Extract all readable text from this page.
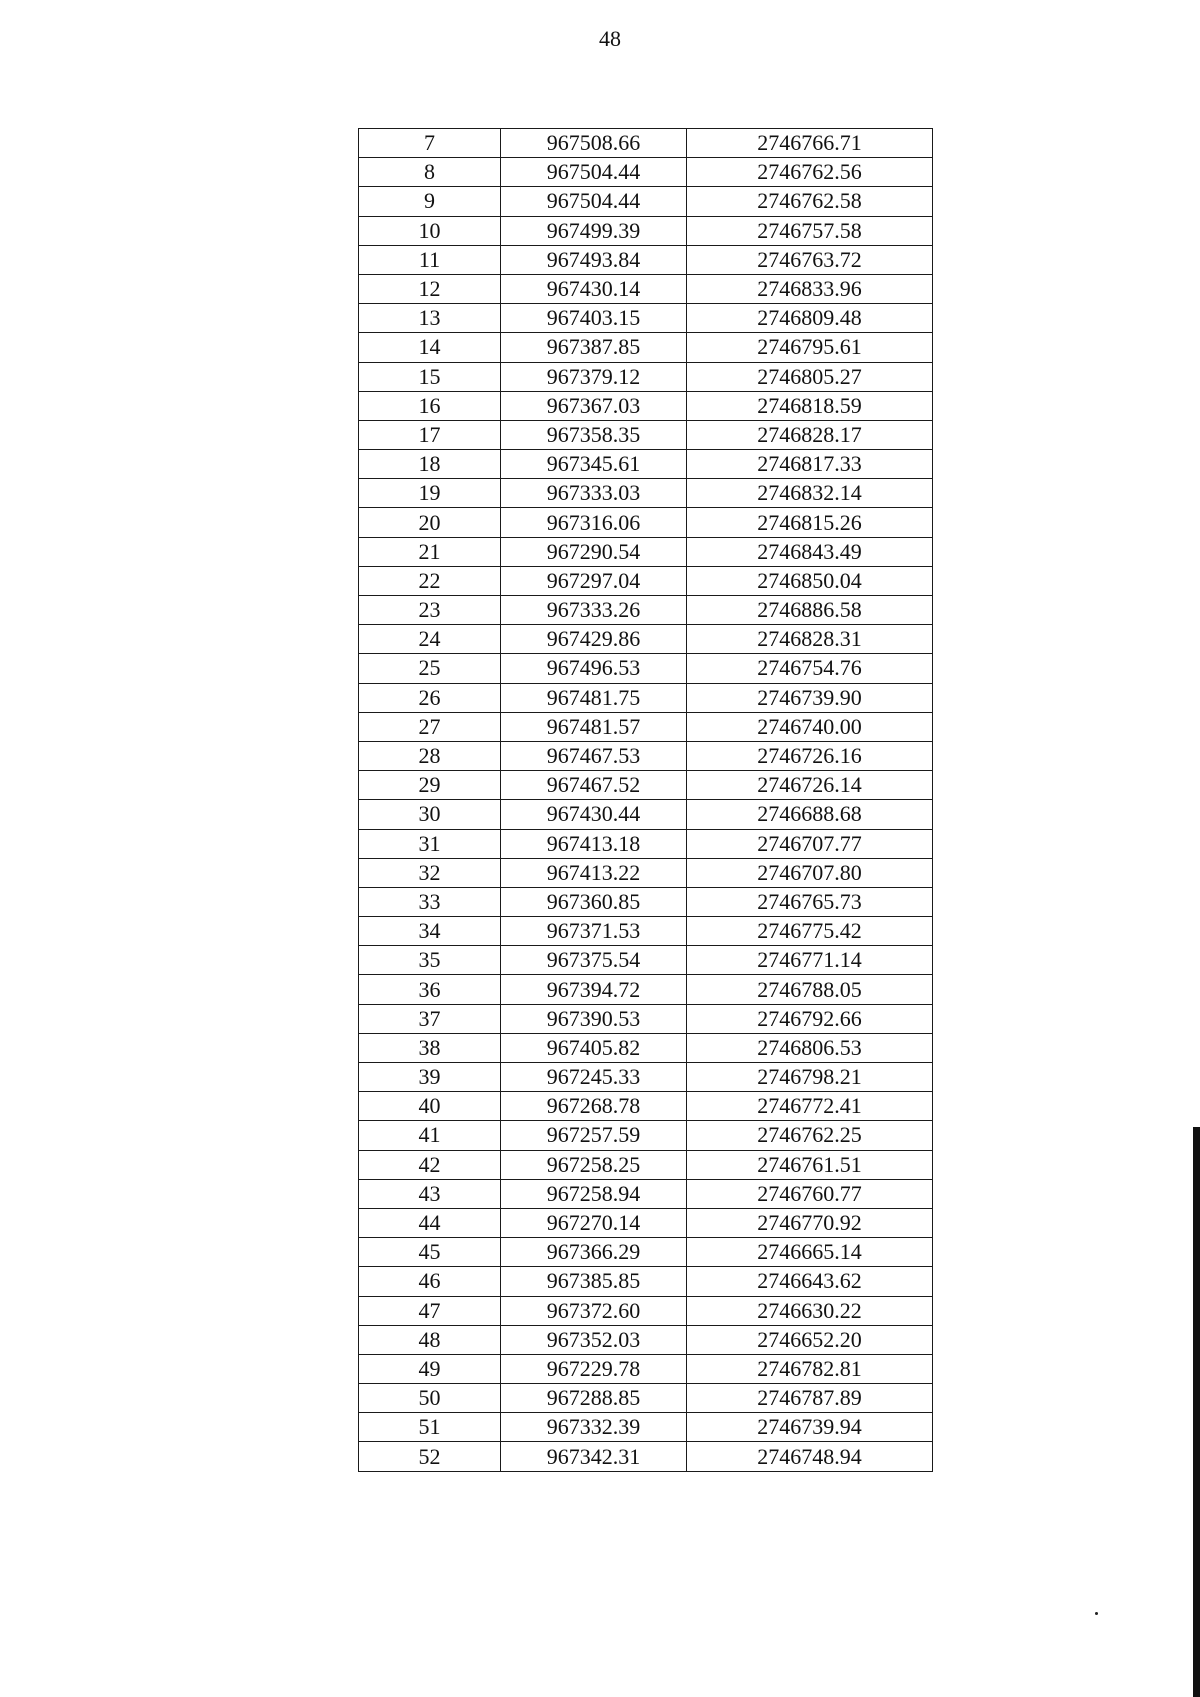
48
7	967508.66	2746766.71
8	967504.44	2746762.56
9	967504.44	2746762.58
10	967499.39	2746757.58
11	967493.84	2746763.72
12	967430.14	2746833.96
13	967403.15	2746809.48
14	967387.85	2746795.61
15	967379.12	2746805.27
16	967367.03	2746818.59
17	967358.35	2746828.17
18	967345.61	2746817.33
19	967333.03	2746832.14
20	967316.06	2746815.26
21	967290.54	2746843.49
22	967297.04	2746850.04
23	967333.26	2746886.58
24	967429.86	2746828.31
25	967496.53	2746754.76
26	967481.75	2746739.90
27	967481.57	2746740.00
28	967467.53	2746726.16
29	967467.52	2746726.14
30	967430.44	2746688.68
31	967413.18	2746707.77
32	967413.22	2746707.80
33	967360.85	2746765.73
34	967371.53	2746775.42
35	967375.54	2746771.14
36	967394.72	2746788.05
37	967390.53	2746792.66
38	967405.82	2746806.53
39	967245.33	2746798.21
40	967268.78	2746772.41
41	967257.59	2746762.25
42	967258.25	2746761.51
43	967258.94	2746760.77
44	967270.14	2746770.92
45	967366.29	2746665.14
46	967385.85	2746643.62
47	967372.60	2746630.22
48	967352.03	2746652.20
49	967229.78	2746782.81
50	967288.85	2746787.89
51	967332.39	2746739.94
52	967342.31	2746748.94
